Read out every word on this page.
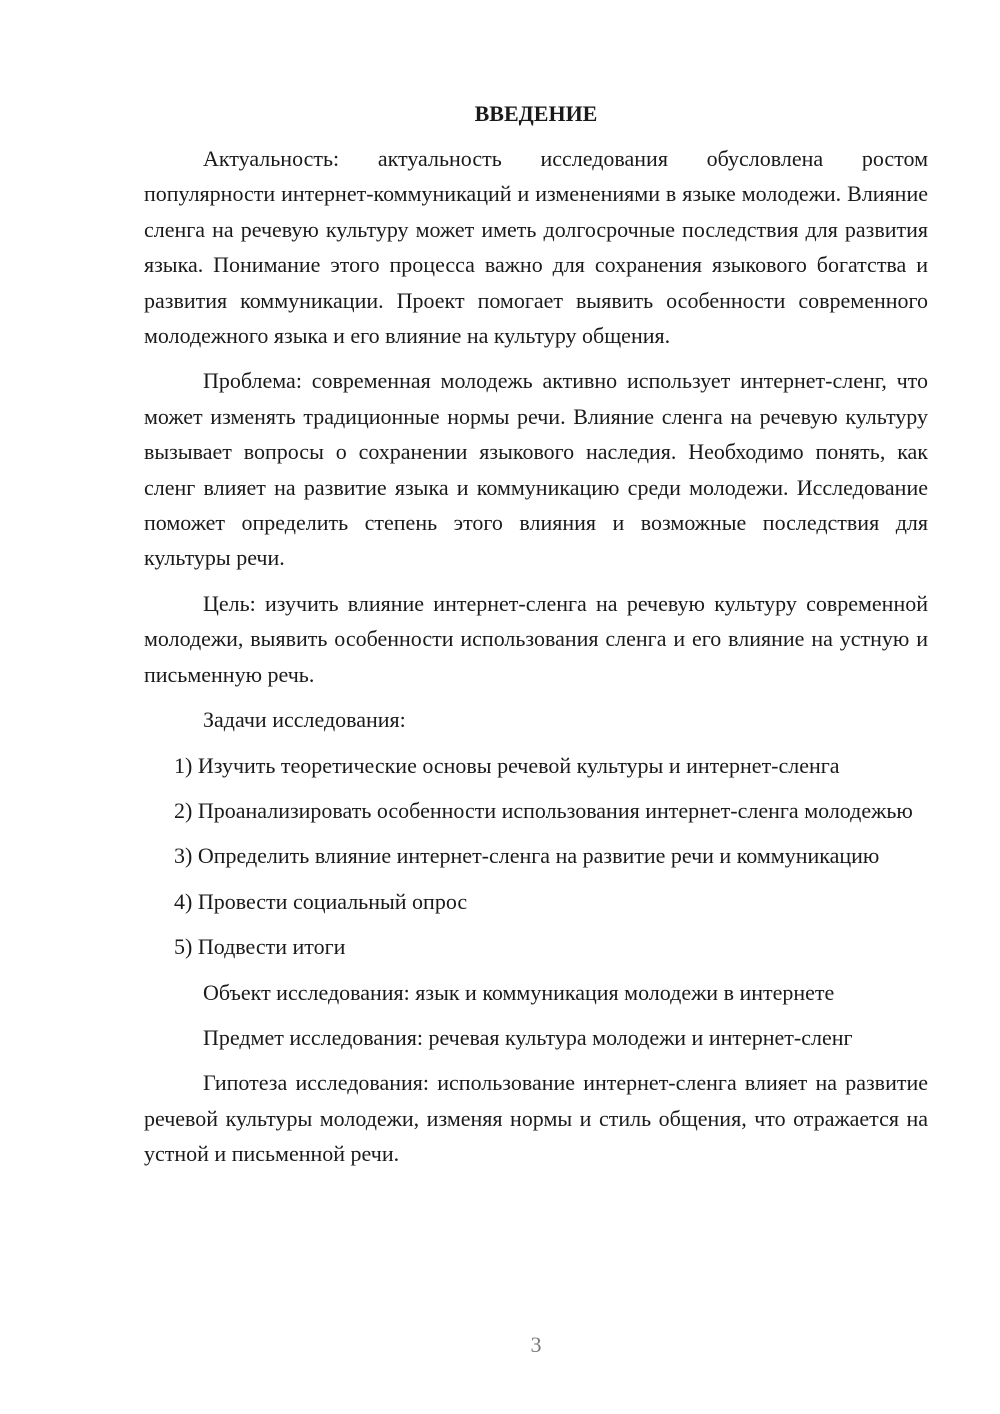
ВВЕДЕНИЕ

Актуальность: актуальность исследования обусловлена ростом популярности интернет-коммуникаций и изменениями в языке молодежи. Влияние сленга на речевую культуру может иметь долгосрочные последствия для развития языка. Понимание этого процесса важно для сохранения языкового богатства и развития коммуникации. Проект помогает выявить особенности современного молодежного языка и его влияние на культуру общения.

Проблема: современная молодежь активно использует интернет-сленг, что может изменять традиционные нормы речи. Влияние сленга на речевую культуру вызывает вопросы о сохранении языкового наследия. Необходимо понять, как сленг влияет на развитие языка и коммуникацию среди молодежи. Исследование поможет определить степень этого влияния и возможные последствия для культуры речи.

Цель: изучить влияние интернет-сленга на речевую культуру современной молодежи, выявить особенности использования сленга и его влияние на устную и письменную речь.

Задачи исследования:

1) Изучить теоретические основы речевой культуры и интернет-сленга

2) Проанализировать особенности использования интернет-сленга молодежью

3) Определить влияние интернет-сленга на развитие речи и коммуникацию

4) Провести социальный опрос

5) Подвести итоги

Объект исследования: язык и коммуникация молодежи в интернете

Предмет исследования: речевая культура молодежи и интернет-сленг

Гипотеза исследования: использование интернет-сленга влияет на развитие речевой культуры молодежи, изменяя нормы и стиль общения, что отражается на устной и письменной речи.

3
